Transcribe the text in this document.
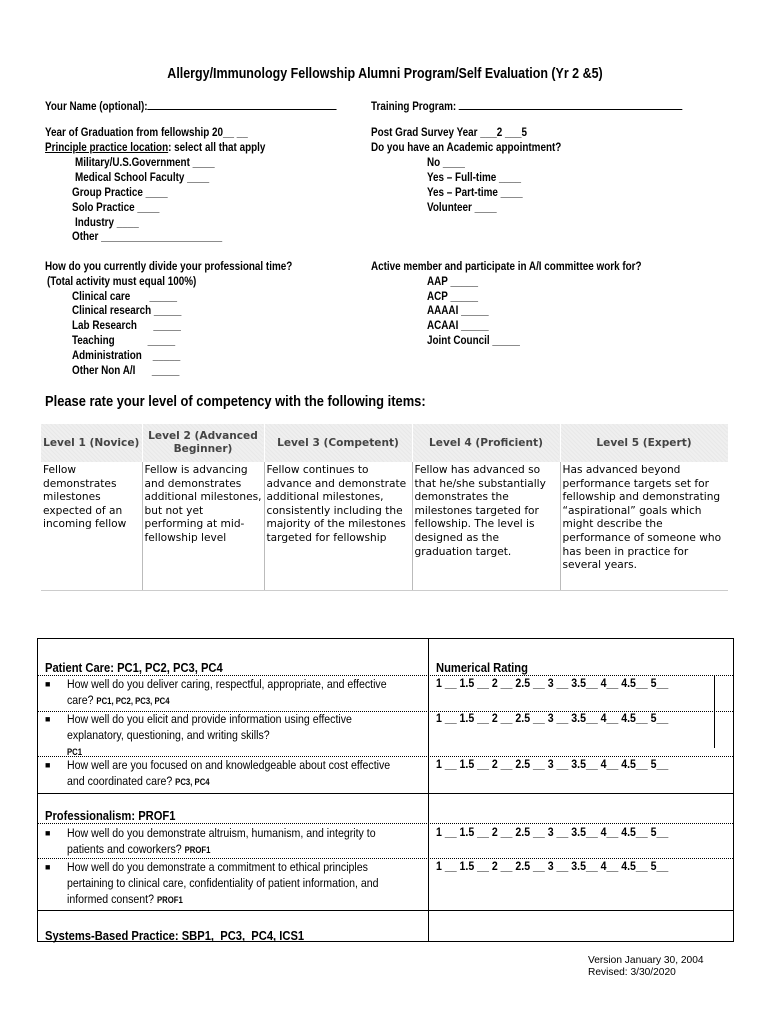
Allergy/Immunology Fellowship Alumni Program/Self Evaluation (Yr 2 &5)
Your Name (optional):	Training Program:
Year of Graduation from fellowship 20__ __
Principle practice location: select all that apply
Military/U.S.Government ____
Medical School Faculty ____
Group Practice ____
Solo Practice ____
Industry ____
Other ______________________
Post Grad Survey Year ___2 ___5
Do you have an Academic appointment?
No ____
Yes – Full-time ____
Yes – Part-time ____
Volunteer ____
How do you currently divide your professional time?
(Total activity must equal 100%)
Clinical care       _____
Clinical research _____
Lab Research      _____
Teaching            _____
Administration    _____
Other Non A/I      _____
Active member and participate in A/I committee work for?
AAP _____
ACP _____
AAAAI _____
ACAAI _____
Joint Council _____
Please rate your level of competency with the following items:
Level 1 (Novice)	Level 2 (Advanced Beginner)	Level 3 (Competent)	Level 4 (Proficient)	Level 5 (Expert)
Fellow demonstrates milestones expected of an incoming fellow	Fellow is advancing and demonstrates additional milestones, but not yet performing at mid- fellowship level	Fellow continues to advance and demonstrate additional milestones, consistently including the majority of the milestones targeted for fellowship	Fellow has advanced so that he/she substantially demonstrates the milestones targeted for fellowship. The level is designed as the graduation target.	Has advanced beyond performance targets set for fellowship and demonstrating “aspirational” goals which might describe the performance of someone who has been in practice for several years.
Patient Care: PC1, PC2, PC3, PC4	Numerical Rating
■ How well do you deliver caring, respectful, appropriate, and effective
care? PC1, PC2, PC3, PC4
1 __ 1.5 __ 2 __ 2.5 __ 3 __ 3.5__ 4__ 4.5__ 5__
■ How well do you elicit and provide information using effective
explanatory, questioning, and writing skills?
PC1
1 __ 1.5 __ 2 __ 2.5 __ 3 __ 3.5__ 4__ 4.5__ 5__
■ How well are you focused on and knowledgeable about cost effective
and coordinated care? PC3, PC4
1 __ 1.5 __ 2 __ 2.5 __ 3 __ 3.5__ 4__ 4.5__ 5__
Professionalism: PROF1
■ How well do you demonstrate altruism, humanism, and integrity to
patients and coworkers? PROF1
1 __ 1.5 __ 2 __ 2.5 __ 3 __ 3.5__ 4__ 4.5__ 5__
■ How well do you demonstrate a commitment to ethical principles
pertaining to clinical care, confidentiality of patient information, and
informed consent? PROF1
1 __ 1.5 __ 2 __ 2.5 __ 3 __ 3.5__ 4__ 4.5__ 5__
Systems-Based Practice: SBP1,  PC3,  PC4, ICS1
Version January 30, 2004
Revised: 3/30/2020
